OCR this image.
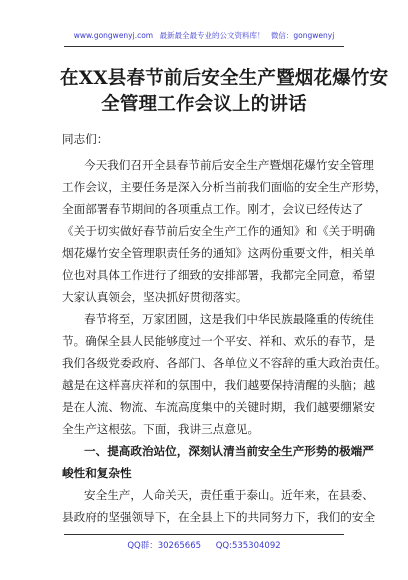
www.gongwenyj.com 最新最全最专业的公文资料库！ 微信：gongwenyj
在XX县春节前后安全生产暨烟花爆竹安
全管理工作会议上的讲话
同志们：
今天我们召开全县春节前后安全生产暨烟花爆竹安全管理
工作会议，主要任务是深入分析当前我们面临的安全生产形势，
全面部署春节期间的各项重点工作。刚才，会议已经传达了
《关于切实做好春节前后安全生产工作的通知》和《关于明确
烟花爆竹安全管理职责任务的通知》这两份重要文件，相关单
位也对具体工作进行了细致的安排部署，我都完全同意，希望
大家认真领会，坚决抓好贯彻落实。
春节将至，万家团圆，这是我们中华民族最隆重的传统佳
节。确保全县人民能够度过一个平安、祥和、欢乐的春节，是
我们各级党委政府、各部门、各单位义不容辞的重大政治责任。
越是在这样喜庆祥和的氛围中，我们越要保持清醒的头脑；越
是在人流、物流、车流高度集中的关键时期，我们越要绷紧安
全生产这根弦。下面，我讲三点意见。
一、提高政治站位，深刻认清当前安全生产形势的极端严
峻性和复杂性
安全生产，人命关天，责任重于泰山。近年来，在县委、
县政府的坚强领导下，在全县上下的共同努力下，我们的安全
QQ群：30265665 QQ:535304092
